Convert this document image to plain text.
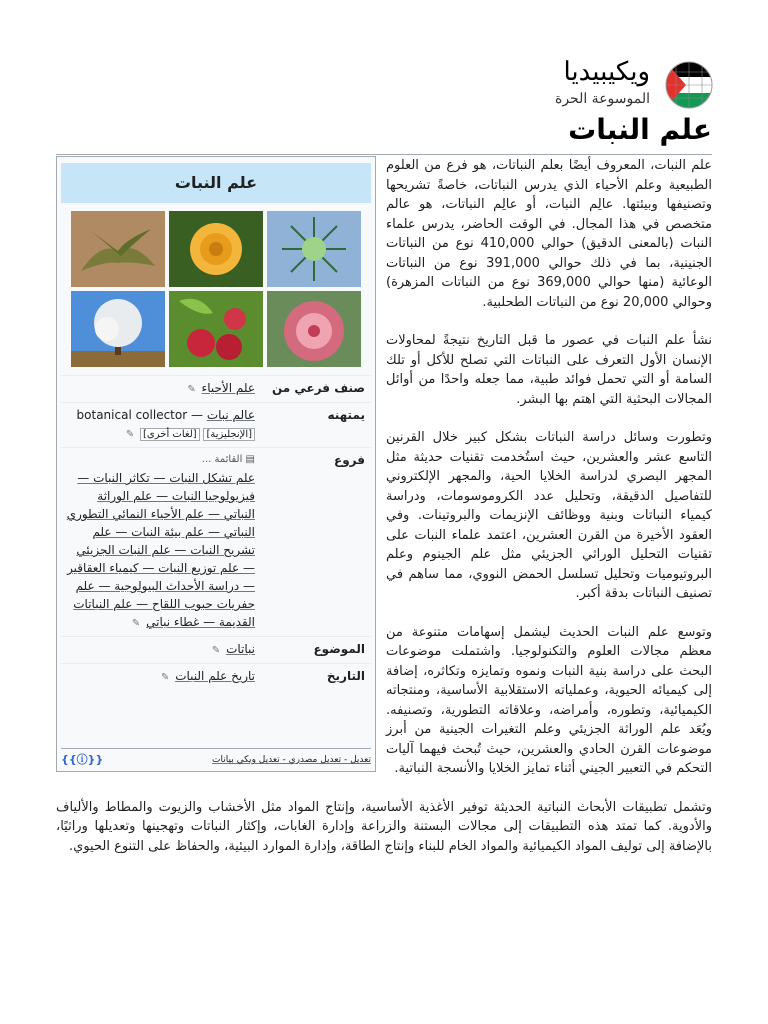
ويكيبيديا
الموسوعة الحرة
علم النبات
علم النبات
صنف فرعي من	علم الأحياء ✎
يمتهنه	عالم نبات — botanical collector [الإنجليزية] [لغات أخرى] ✎
فروع	▤ القائمة ...
علم تشكل النبات — تكاثر النبات — فيزيولوجيا النبات — علم الوراثة النباتي — علم الأحياء النمائي التطوري النباتي — علم بيئة النبات — علم تشريح النبات — علم النبات الجزيئي — علم توزيع النبات — كيمياء العقاقير — دراسة الأحداث البيولوجية — علم حفريات حبوب اللقاح — علم النباتات القديمة — غطاء نباتي ✎
الموضوع	نباتات ✎
التاريخ	تاريخ علم النبات ✎
تعديل - تعديل مصدري - تعديل ويكي بيانات
{{ⓘ}}

علم النبات، المعروف أيضًا بعلم النباتات، هو فرع من العلوم الطبيعية وعلم الأحياء الذي يدرس النباتات، خاصةً تشريحها وتصنيفها وبيئتها. عالِم النبات، أو عالِم النباتات، هو عالم متخصص في هذا المجال. في الوقت الحاضر، يدرس علماء النبات (بالمعنى الدقيق) حوالي 410,000 نوع من النباتات الجنينية، بما في ذلك حوالي 391,000 نوع من النباتات الوعائية (منها حوالي 369,000 نوع من النباتات المزهرة) وحوالي 20,000 نوع من النباتات الطحلبية.

نشأ علم النبات في عصور ما قبل التاريخ نتيجةً لمحاولات الإنسان الأول التعرف على النباتات التي تصلح للأكل أو تلك السامة أو التي تحمل فوائد طبية، مما جعله واحدًا من أوائل المجالات البحثية التي اهتم بها البشر.

وتطورت وسائل دراسة النباتات بشكل كبير خلال القرنين التاسع عشر والعشرين، حيث استُخدمت تقنيات حديثة مثل المجهر البصري لدراسة الخلايا الحية، والمجهر الإلكتروني للتفاصيل الدقيقة، وتحليل عدد الكروموسومات، ودراسة كيمياء النباتات وبنية ووظائف الإنزيمات والبروتينات. وفي العقود الأخيرة من القرن العشرين، اعتمد علماء النبات على تقنيات التحليل الوراثي الجزيئي مثل علم الجينوم وعلم البروتيوميات وتحليل تسلسل الحمض النووي، مما ساهم في تصنيف النباتات بدقة أكبر.

وتوسع علم النبات الحديث ليشمل إسهامات متنوعة من معظم مجالات العلوم والتكنولوجيا. واشتملت موضوعات البحث على دراسة بنية النبات ونموه وتمايزه وتكاثره، إضافة إلى كيميائه الحيوية، وعملياته الاستقلابية الأساسية، ومنتجاته الكيميائية، وتطوره، وأمراضه، وعلاقاته التطورية، وتصنيفه. ويُعَد علم الوراثة الجزيئي وعلم التغيرات الجينية من أبرز موضوعات القرن الحادي والعشرين، حيث تُبحث فيهما آليات التحكم في التعبير الجيني أثناء تمايز الخلايا والأنسجة النباتية.

وتشمل تطبيقات الأبحاث النباتية الحديثة توفير الأغذية الأساسية، وإنتاج المواد مثل الأخشاب والزيوت والمطاط والألياف والأدوية. كما تمتد هذه التطبيقات إلى مجالات البستنة والزراعة وإدارة الغابات، وإكثار النباتات وتهجينها وتعديلها وراثيًا، بالإضافة إلى توليف المواد الكيميائية والمواد الخام للبناء وإنتاج الطاقة، وإدارة الموارد البيئية، والحفاظ على التنوع الحيوي.
